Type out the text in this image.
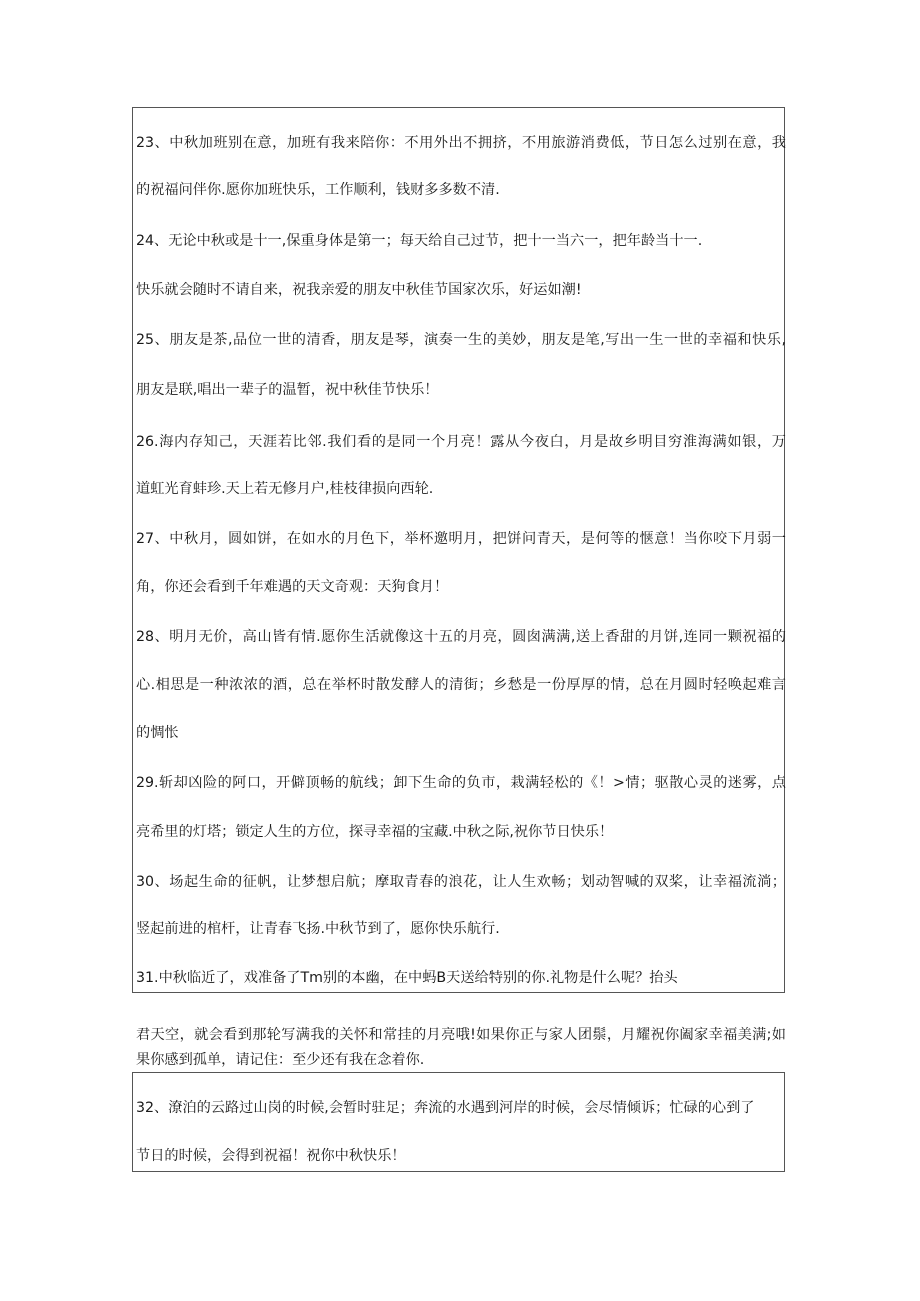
23、中秋加班别在意，加班有我来陪你：不用外出不拥挤，不用旅游消费低，节日怎么过别在意，我
的祝福问伴你.愿你加班快乐，工作顺利，钱财多多数不清.
24、无论中秋或是十一,保重身体是第一；每天给自己过节，把十一当六一，把年龄当十一.
快乐就会随时不请自来，祝我亲爱的朋友中秋佳节国家次乐，好运如潮!
25、朋友是茶,品位一世的清香，朋友是琴，演奏一生的美妙，朋友是笔,写出一生一世的幸福和快乐,
朋友是联,唱出一辈子的温暂，祝中秋佳节快乐！
26.海内存知己，天涯若比邻.我们看的是同一个月亮！露从今夜白，月是故乡明目穷淮海满如银，万
道虹光育蚌珍.天上若无修月户,桂枝律损向西轮.
27、中秋月，圆如饼，在如水的月色下，举杯邀明月，把饼问青天，是何等的惬意！当你咬下月弱一
角，你还会看到千年难遇的天文奇观：天狗食月！
28、明月无价，高山皆有情.愿你生活就像这十五的月亮，圆囱满满,送上香甜的月饼,连同一颗祝福的
心.相思是一种浓浓的酒，总在举杯时散发酵人的清街；乡愁是一份厚厚的情，总在月圆时轻唤起难言
的惆怅
29.斩却凶险的阿口，开僻顶畅的航线；卸下生命的负市，栽满轻松的《！>情；驱散心灵的迷雾，点
亮希里的灯塔；锁定人生的方位，探寻幸福的宝藏.中秋之际,祝你节日快乐！
30、场起生命的征帆，让梦想启航；摩取青春的浪花，让人生欢畅；划动智喊的双桨，让幸福流淌；
竖起前进的棺杆，让青春飞扬.中秋节到了，愿你快乐航行.
31.中秋临近了，戏准备了Tm别的本幽，在中蚂B天送给特别的你.礼物是什么呢？抬头
君天空，就会看到那轮写满我的关怀和常挂的月亮哦!如果你正与家人团鬃，月耀祝你阖家幸福美满;如
果你感到孤单，请记住：至少还有我在念着你.
32、潦泊的云路过山岗的时候,会暂时驻足；奔流的水遇到河岸的时候，会尽情倾诉；忙碌的心到了
节日的时候，会得到祝福！祝你中秋快乐！
